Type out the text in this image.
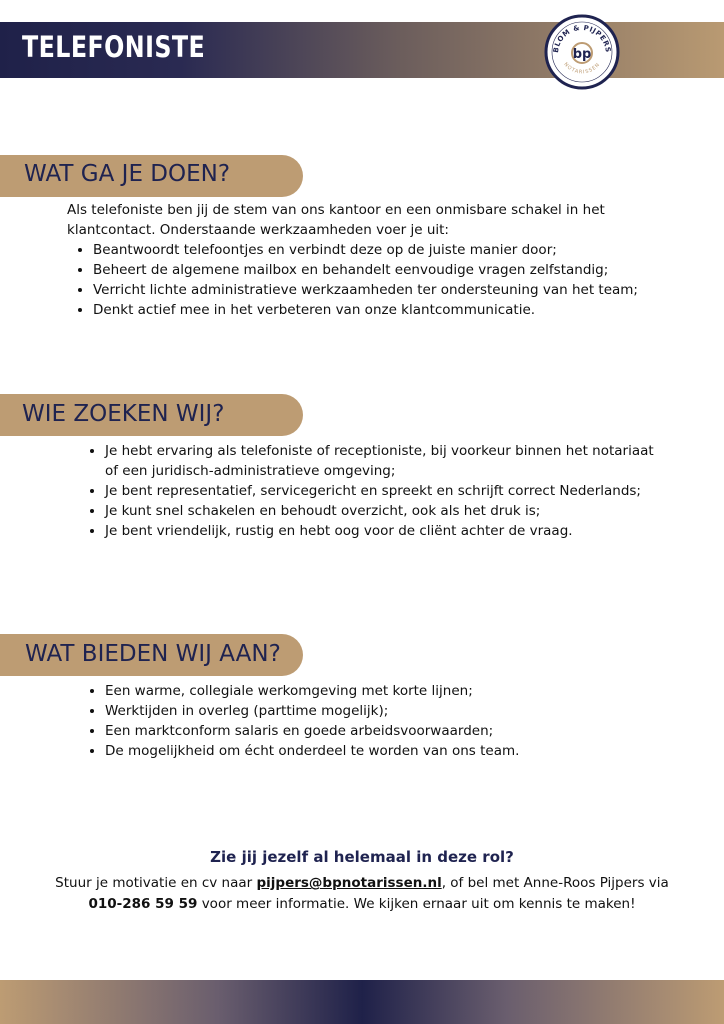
TELEFONISTE	BLOM & PIJPERS
NOTARISSEN
bp
WAT GA JE DOEN?

Als telefoniste ben jij de stem van ons kantoor en een onmisbare schakel in het klantcontact. Onderstaande werkzaamheden voer je uit:

• Beantwoordt telefoontjes en verbindt deze op de juiste manier door;
• Beheert de algemene mailbox en behandelt eenvoudige vragen zelfstandig;
• Verricht lichte administratieve werkzaamheden ter ondersteuning van het team;
• Denkt actief mee in het verbeteren van onze klantcommunicatie.
WIE ZOEKEN WIJ?
• Je hebt ervaring als telefoniste of receptioniste, bij voorkeur binnen het notariaat of een juridisch-administratieve omgeving;
• Je bent representatief, servicegericht en spreekt en schrijft correct Nederlands;
• Je kunt snel schakelen en behoudt overzicht, ook als het druk is;
• Je bent vriendelijk, rustig en hebt oog voor de cliënt achter de vraag.
WAT BIEDEN WIJ AAN?
• Een warme, collegiale werkomgeving met korte lijnen;
• Werktijden in overleg (parttime mogelijk);
• Een marktconform salaris en goede arbeidsvoorwaarden;
• De mogelijkheid om écht onderdeel te worden van ons team.

Zie jij jezelf al helemaal in deze rol?

Stuur je motivatie en cv naar pijpers@bpnotarissen.nl, of bel met Anne-Roos Pijpers via 010-286 59 59 voor meer informatie. We kijken ernaar uit om kennis te maken!
